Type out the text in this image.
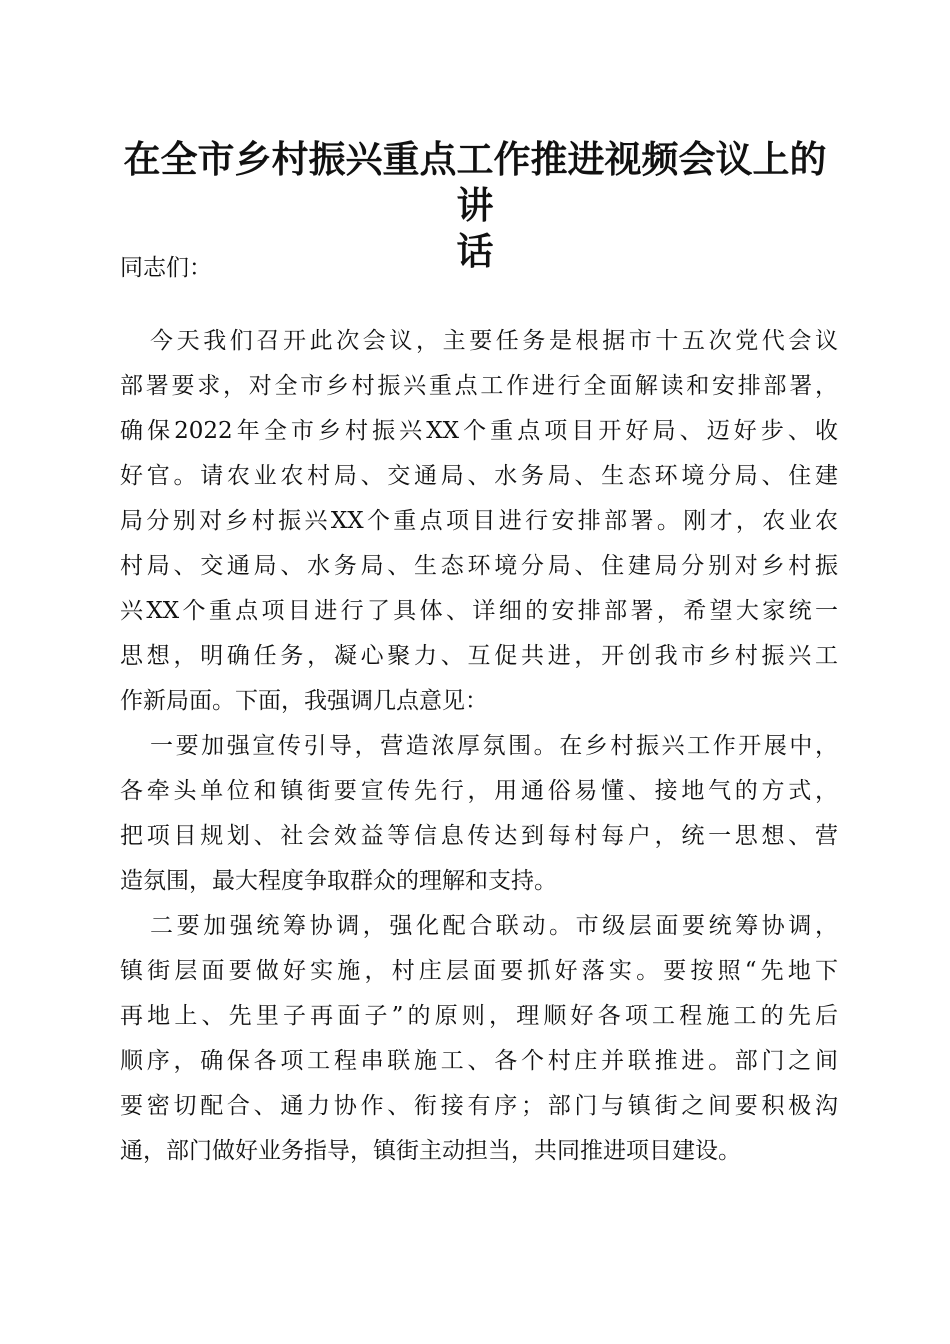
在全市乡村振兴重点工作推进视频会议上的讲
话
同志们：
今天我们召开此次会议，主要任务是根据市十五次党代会议
部署要求，对全市乡村振兴重点工作进行全面解读和安排部署，
确保2022年全市乡村振兴XX个重点项目开好局、迈好步、收
好官。请农业农村局、交通局、水务局、生态环境分局、住建
局分别对乡村振兴XX个重点项目进行安排部署。刚才，农业农
村局、交通局、水务局、生态环境分局、住建局分别对乡村振
兴XX个重点项目进行了具体、详细的安排部署，希望大家统一
思想，明确任务，凝心聚力、互促共进，开创我市乡村振兴工
作新局面。下面，我强调几点意见：
一要加强宣传引导，营造浓厚氛围。在乡村振兴工作开展中，
各牵头单位和镇街要宣传先行，用通俗易懂、接地气的方式，
把项目规划、社会效益等信息传达到每村每户，统一思想、营
造氛围，最大程度争取群众的理解和支持。
二要加强统筹协调，强化配合联动。市级层面要统筹协调，
镇街层面要做好实施，村庄层面要抓好落实。要按照“先地下
再地上、先里子再面子”的原则，理顺好各项工程施工的先后
顺序，确保各项工程串联施工、各个村庄并联推进。部门之间
要密切配合、通力协作、衔接有序；部门与镇街之间要积极沟
通，部门做好业务指导，镇街主动担当，共同推进项目建设。
